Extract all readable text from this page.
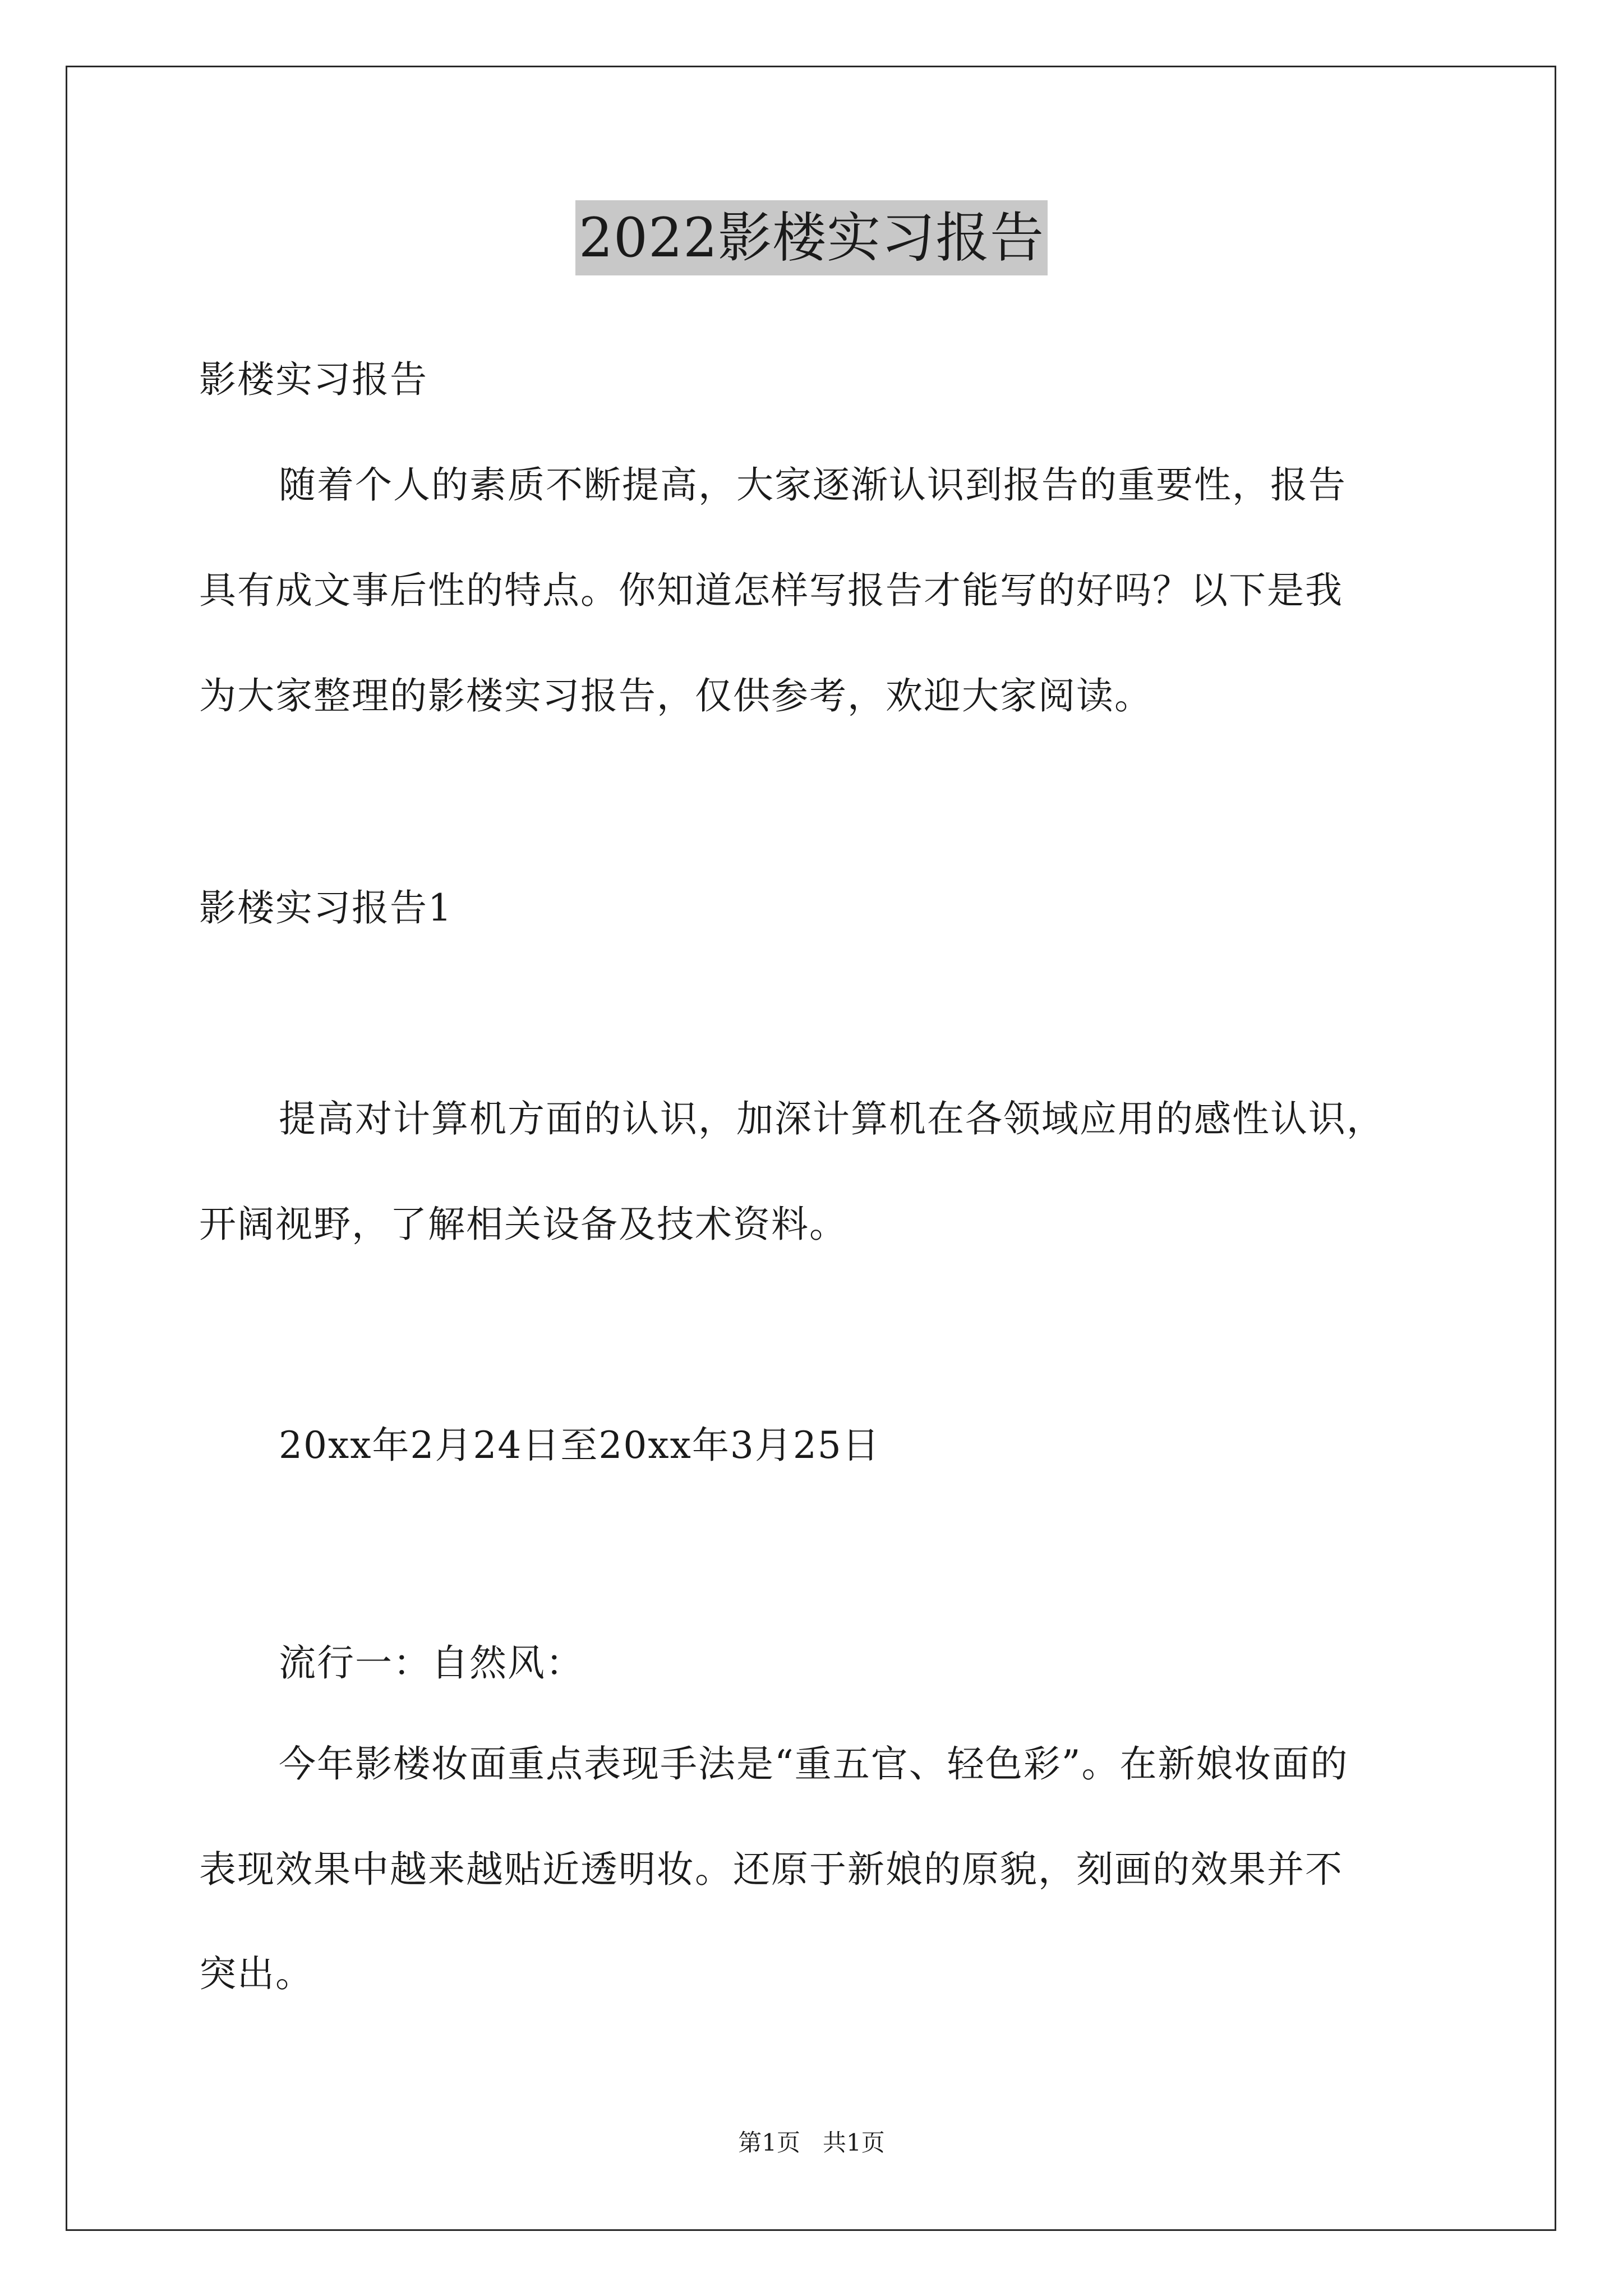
2022影楼实习报告
影楼实习报告
随着个人的素质不断提高，大家逐渐认识到报告的重要性，报告
具有成文事后性的特点。你知道怎样写报告才能写的好吗？以下是我
为大家整理的影楼实习报告，仅供参考，欢迎大家阅读。
影楼实习报告1
提高对计算机方面的认识，加深计算机在各领域应用的感性认识，
开阔视野，了解相关设备及技术资料。
20xx年2月24日至20xx年3月25日
流行一：自然风：
今年影楼妆面重点表现手法是“重五官、轻色彩”。在新娘妆面的
表现效果中越来越贴近透明妆。还原于新娘的原貌，刻画的效果并不
突出。
第1页   共1页
